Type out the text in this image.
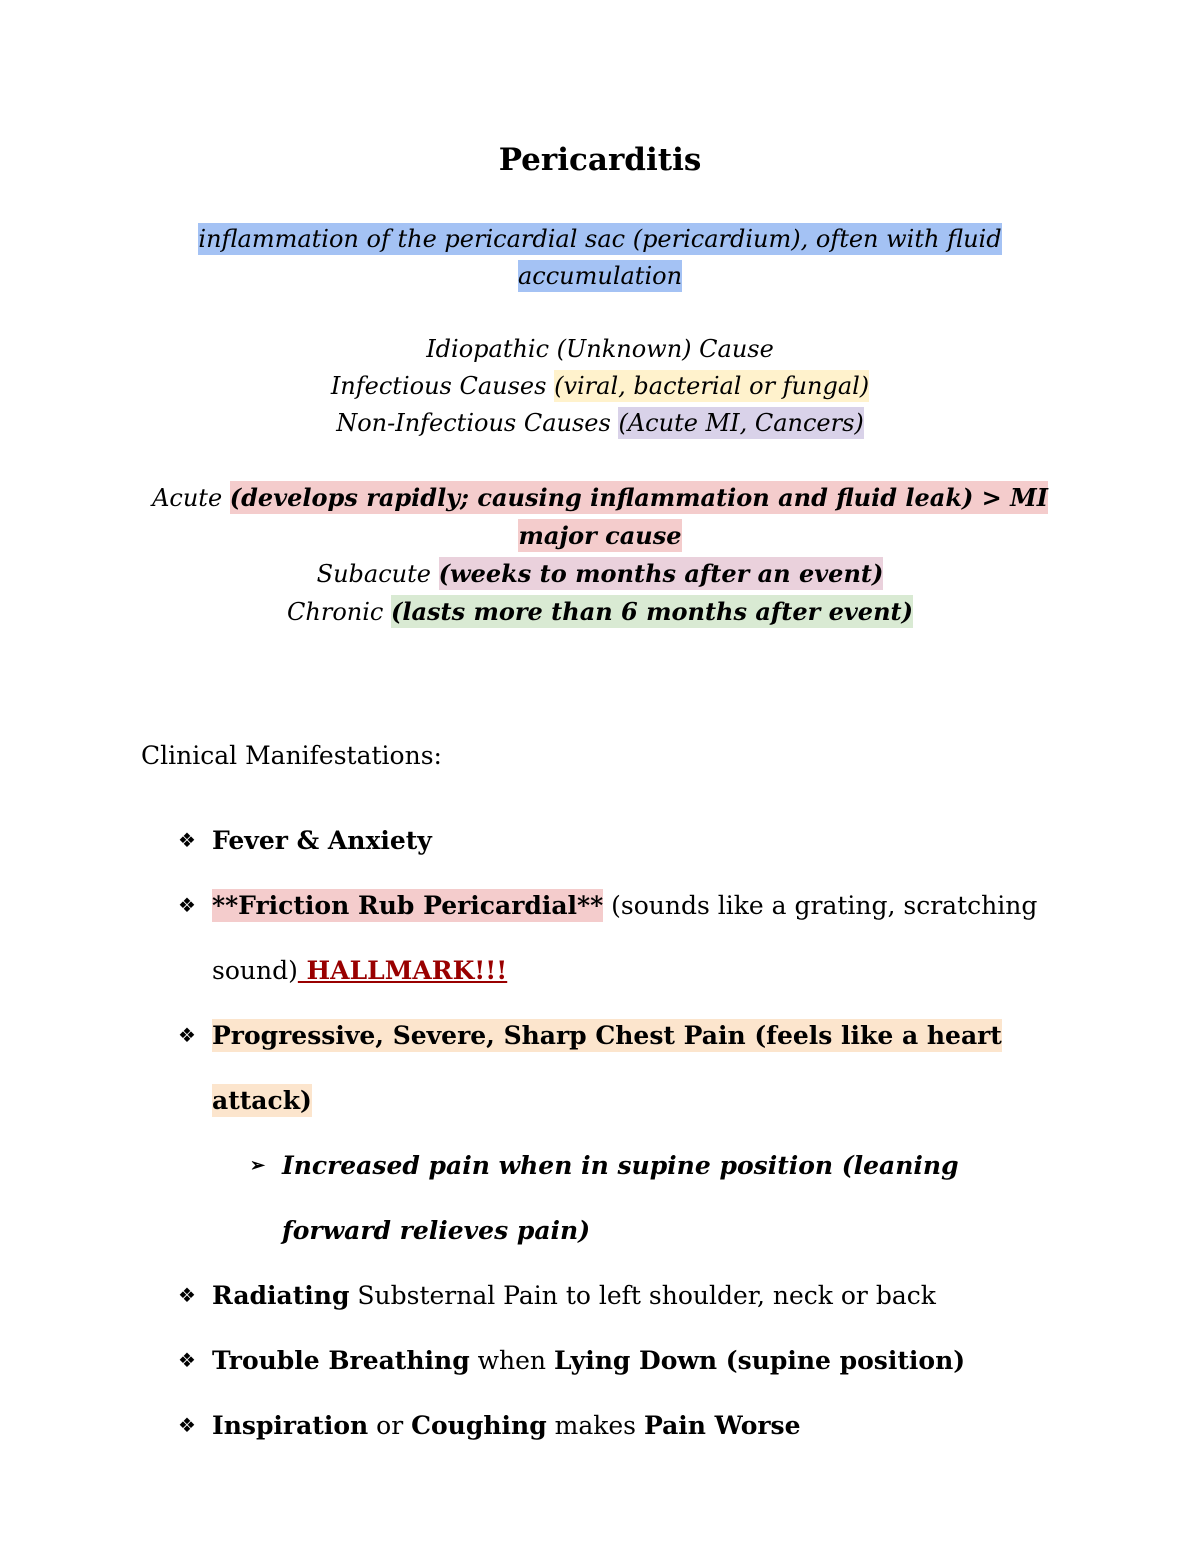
Pericarditis
inflammation of the pericardial sac (pericardium), often with fluid accumulation
Idiopathic (Unknown) Cause
Infectious Causes (viral, bacterial or fungal)
Non-Infectious Causes (Acute MI, Cancers)
Acute (develops rapidly; causing inflammation and fluid leak) > MI major cause
Subacute (weeks to months after an event)
Chronic (lasts more than 6 months after event)
Clinical Manifestations:
❖ Fever & Anxiety
❖ **Friction Rub Pericardial** (sounds like a grating, scratching sound) HALLMARK!!!
❖ Progressive, Severe, Sharp Chest Pain (feels like a heart attack)
➢ Increased pain when in supine position (leaning forward relieves pain)
❖ Radiating Substernal Pain to left shoulder, neck or back
❖ Trouble Breathing when Lying Down (supine position)
❖ Inspiration or Coughing makes Pain Worse
